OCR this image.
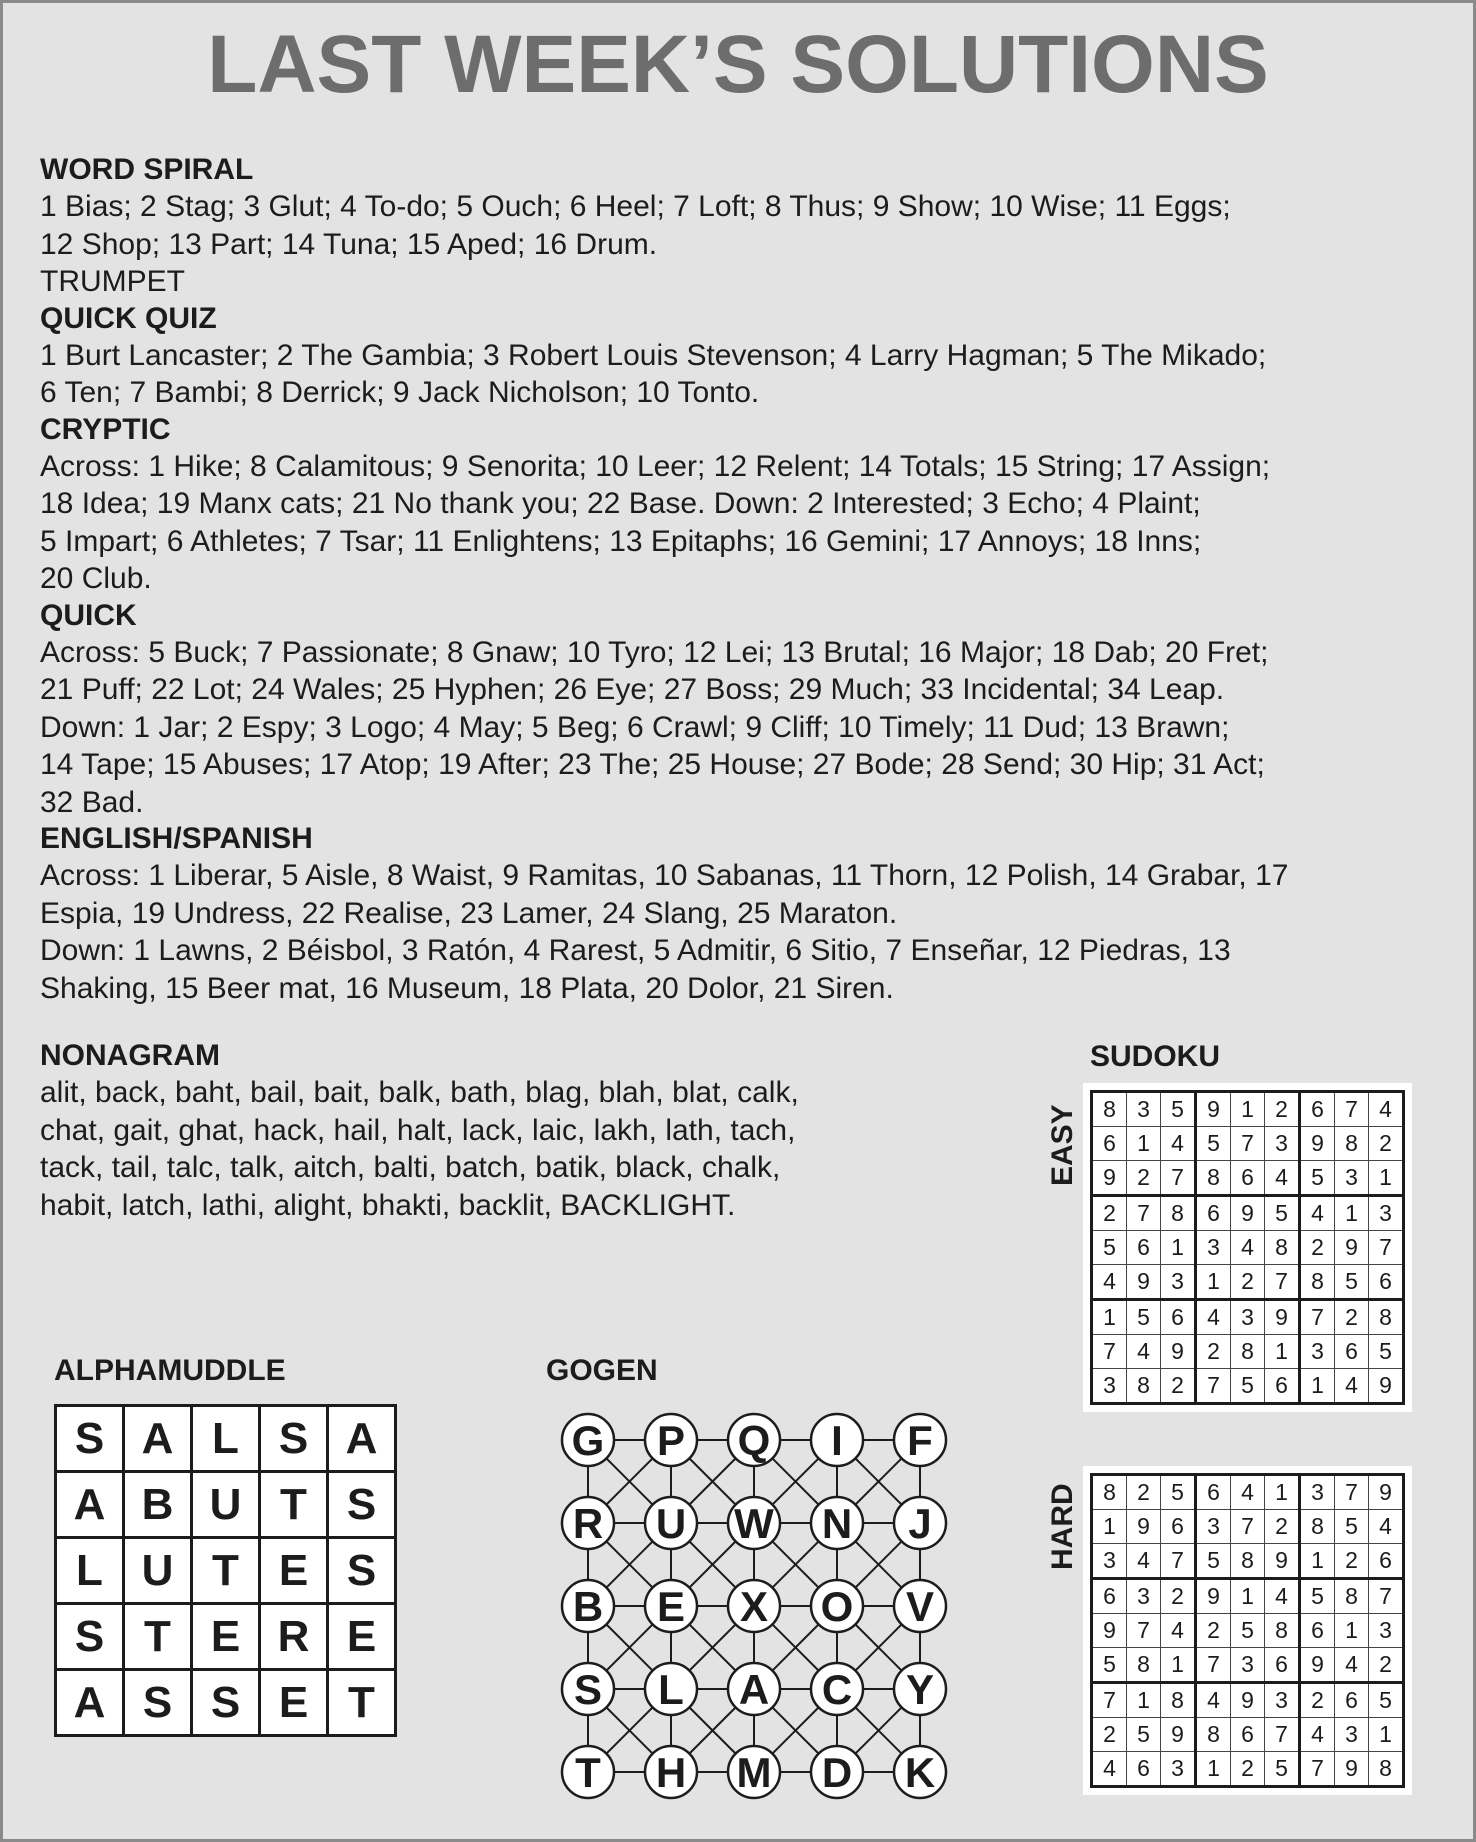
LAST WEEK’S SOLUTIONS
WORD SPIRAL
1 Bias; 2 Stag; 3 Glut; 4 To-do; 5 Ouch; 6 Heel; 7 Loft; 8 Thus; 9 Show; 10 Wise; 11 Eggs;
12 Shop; 13 Part; 14 Tuna; 15 Aped; 16 Drum.
TRUMPET
QUICK QUIZ
1 Burt Lancaster; 2 The Gambia; 3 Robert Louis Stevenson; 4 Larry Hagman; 5 The Mikado;
6 Ten; 7 Bambi; 8 Derrick; 9 Jack Nicholson; 10 Tonto.
CRYPTIC
Across: 1 Hike; 8 Calamitous; 9 Senorita; 10 Leer; 12 Relent; 14 Totals; 15 String; 17 Assign;
18 Idea; 19 Manx cats; 21 No thank you; 22 Base. Down: 2 Interested; 3 Echo; 4 Plaint;
5 Impart; 6 Athletes; 7 Tsar; 11 Enlightens; 13 Epitaphs; 16 Gemini; 17 Annoys; 18 Inns;
20 Club.
QUICK
Across: 5 Buck; 7 Passionate; 8 Gnaw; 10 Tyro; 12 Lei; 13 Brutal; 16 Major; 18 Dab; 20 Fret;
21 Puff; 22 Lot; 24 Wales; 25 Hyphen; 26 Eye; 27 Boss; 29 Much; 33 Incidental; 34 Leap.
Down: 1 Jar; 2 Espy; 3 Logo; 4 May; 5 Beg; 6 Crawl; 9 Cliff; 10 Timely; 11 Dud; 13 Brawn;
14 Tape; 15 Abuses; 17 Atop; 19 After; 23 The; 25 House; 27 Bode; 28 Send; 30 Hip; 31 Act;
32 Bad.
ENGLISH/SPANISH
Across: 1 Liberar, 5 Aisle, 8 Waist, 9 Ramitas, 10 Sabanas, 11 Thorn, 12 Polish, 14 Grabar, 17
Espia, 19 Undress, 22 Realise, 23 Lamer, 24 Slang, 25 Maraton.
Down: 1 Lawns, 2 Béisbol, 3 Ratón, 4 Rarest, 5 Admitir, 6 Sitio, 7 Enseñar, 12 Piedras, 13
Shaking, 15 Beer mat, 16 Museum, 18 Plata, 20 Dolor, 21 Siren.
NONAGRAM
alit, back, baht, bail, bait, balk, bath, blag, blah, blat, calk,
chat, gait, ghat, hack, hail, halt, lack, laic, lakh, lath, tach,
tack, tail, talc, talk, aitch, balti, batch, batik, black, chalk,
habit, latch, lathi, alight, bhakti, backlit, BACKLIGHT.
SUDOKU
EASY 8	3	5	9	1	2	6	7	4
6	1	4	5	7	3	9	8	2
9	2	7	8	6	4	5	3	1
2	7	8	6	9	5	4	1	3
5	6	1	3	4	8	2	9	7
4	9	3	1	2	7	8	5	6
1	5	6	4	3	9	7	2	8
7	4	9	2	8	1	3	6	5
3	8	2	7	5	6	1	4	9
HARD 8	2	5	6	4	1	3	7	9
1	9	6	3	7	2	8	5	4
3	4	7	5	8	9	1	2	6
6	3	2	9	1	4	5	8	7
9	7	4	2	5	8	6	1	3
5	8	1	7	3	6	9	4	2
7	1	8	4	9	3	2	6	5
2	5	9	8	6	7	4	3	1
4	6	3	1	2	5	7	9	8
ALPHAMUDDLE
S	A	L	S	A
A	B	U	T	S
L	U	T	E	S
S	T	E	R	E
A	S	S	E	T
GOGEN
G P Q I F
R U W N J
B E X O V
S L A C Y
T H M D K
